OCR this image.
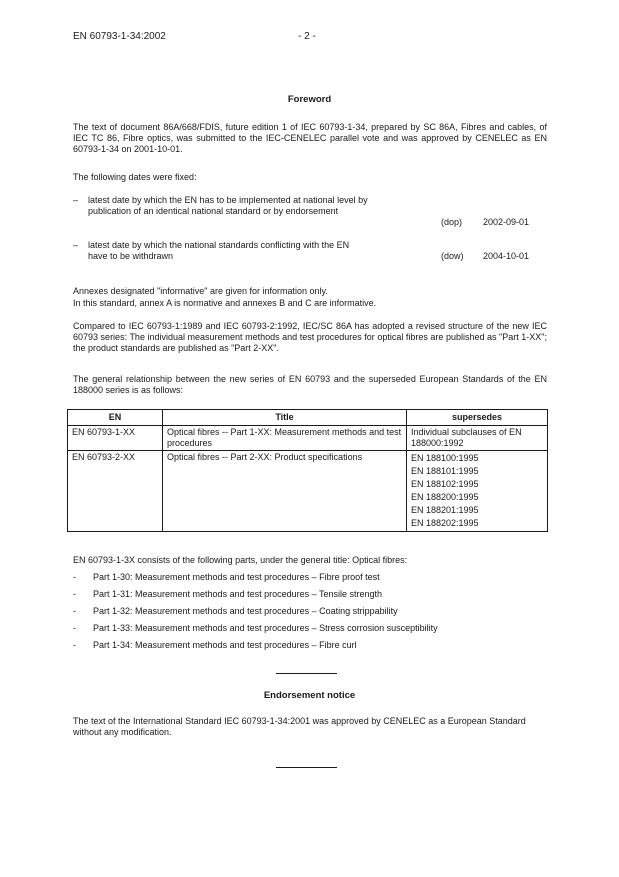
EN 60793-1-34:2002	- 2 -
Foreword
The text of document 86A/668/FDIS, future edition 1 of IEC 60793-1-34, prepared by SC 86A, Fibres and cables, of IEC TC 86, Fibre optics, was submitted to the IEC-CENELEC parallel vote and was approved by CENELEC as EN 60793-1-34 on 2001-10-01.
The following dates were fixed:
– latest date by which the EN has to be implemented at national level by publication of an identical national standard or by endorsement
(dop) 2002-09-01
– latest date by which the national standards conflicting with the EN have to be withdrawn	(dow) 2004-10-01
Annexes designated "informative" are given for information only.
In this standard, annex A is normative and annexes B and C are informative.
Compared to IEC 60793-1:1989 and IEC 60793-2:1992, IEC/SC 86A has adopted a revised structure of the new IEC 60793 series: The individual measurement methods and test procedures for optical fibres are published as "Part 1-XX"; the product standards are published as "Part 2-XX".
The general relationship between the new series of EN 60793 and the superseded European Standards of the EN 188000 series is as follows:
EN	Title	supersedes
EN 60793-1-XX	Optical fibres -- Part 1-XX: Measurement methods and test procedures	Individual subclauses of EN 188000:1992
EN 60793-2-XX	Optical fibres -- Part 2-XX: Product specifications	EN 188100:1995
EN 188101:1995
EN 188102:1995
EN 188200:1995
EN 188201:1995
EN 188202:1995
EN 60793-1-3X consists of the following parts, under the general title: Optical fibres:
- Part 1-30: Measurement methods and test procedures – Fibre proof test
- Part 1-31: Measurement methods and test procedures – Tensile strength
- Part 1-32: Measurement methods and test procedures – Coating strippability
- Part 1-33: Measurement methods and test procedures – Stress corrosion susceptibility
- Part 1-34: Measurement methods and test procedures – Fibre curl
Endorsement notice
The text of the International Standard IEC 60793-1-34:2001 was approved by CENELEC as a European Standard without any modification.
